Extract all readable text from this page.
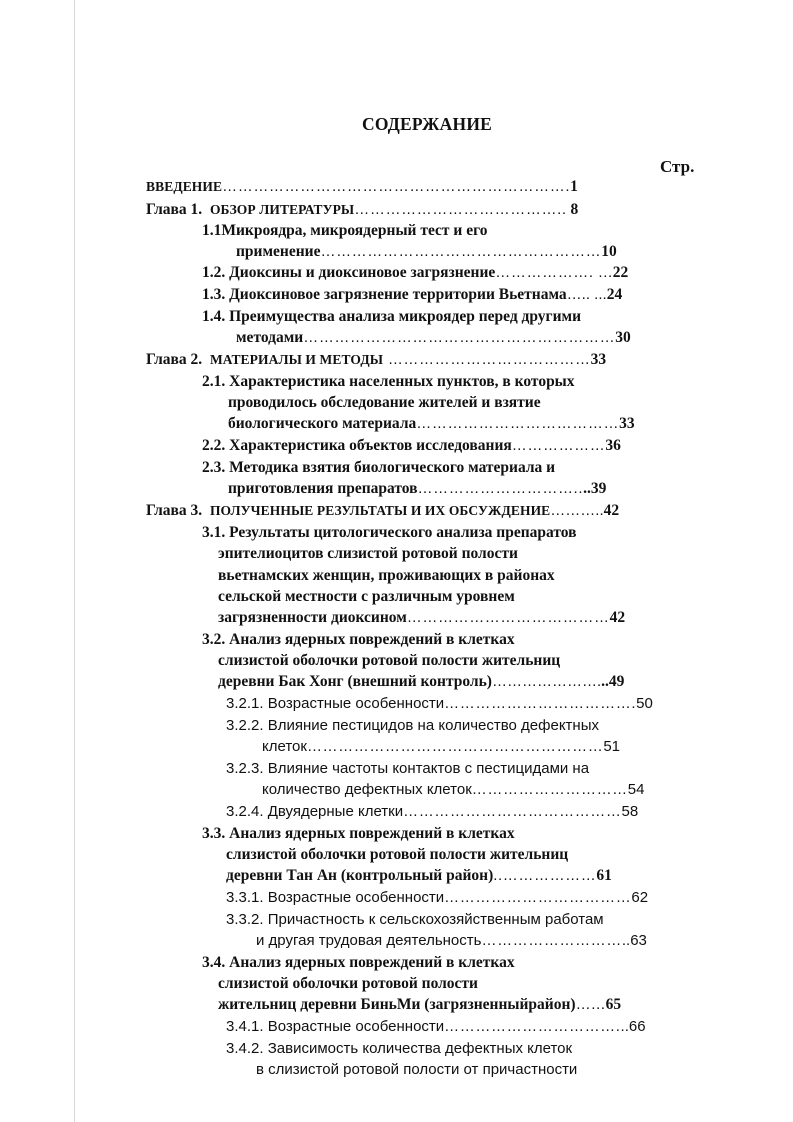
СОДЕРЖАНИЕ
Стр.
ВВЕДЕНИЕ………………………………………………………….1
Глава 1. ОБЗОР ЛИТЕРАТУРЫ………………………………….. 8
1.1Микроядра, микроядерный тест и его
применение………………………………………………10
1.2. Диоксины и диоксиновое загрязнение………………. ...22
1.3. Диоксиновое загрязнение территории Вьетнама….. ...24
1.4. Преимущества анализа микроядер перед другими
методами……………………………………………………30
Глава 2. МАТЕРИАЛЫ И МЕТОДЫ …………………………………33
2.1. Характеристика населенных пунктов, в которых
проводилось обследование жителей и взятие
биологического материала…………………………………33
2.2. Характеристика объектов исследования………………36
2.3. Методика взятия биологического материала и
приготовления препаратов…………………………....39
Глава 3. ПОЛУЧЕННЫЕ РЕЗУЛЬТАТЫ И ИХ ОБСУЖДЕНИЕ………..42
3.1. Результаты цитологического анализа препаратов
эпителиоцитов слизистой ротовой полости
вьетнамских женщин, проживающих в районах
сельской местности с различным уровнем
загрязненности диоксином…………………………………42
3.2. Анализ ядерных повреждений в клетках
слизистой оболочки ротовой полости жительниц
деревни Бак Хонг (внешний контроль)…………………...49
3.2.1. Возрастные особенности……………………………….50
3.2.2. Влияние пестицидов на количество дефектных
клеток…………………………………………………51
3.2.3. Влияние частоты контактов с пестицидами на
количество дефектных клеток…………………………54
3.2.4. Двуядерные клетки……………………………………58
3.3. Анализ ядерных повреждений в клетках
слизистой оболочки ротовой полости жительниц
деревни Тан Ан (контрольный район)..………………61
3.3.1. Возрастные особенности………………………………62
3.3.2. Причастность к сельскохозяйственным работам
и другая трудовая деятельность………………………..63
3.4. Анализ ядерных повреждений в клетках
слизистой оболочки ротовой полости
жительниц деревни БиньМи (загрязненныйрайон)……65
3.4.1. Возрастные особенности……………………………...66
3.4.2. Зависимость количества дефектных клеток
в слизистой ротовой полости от причастности
